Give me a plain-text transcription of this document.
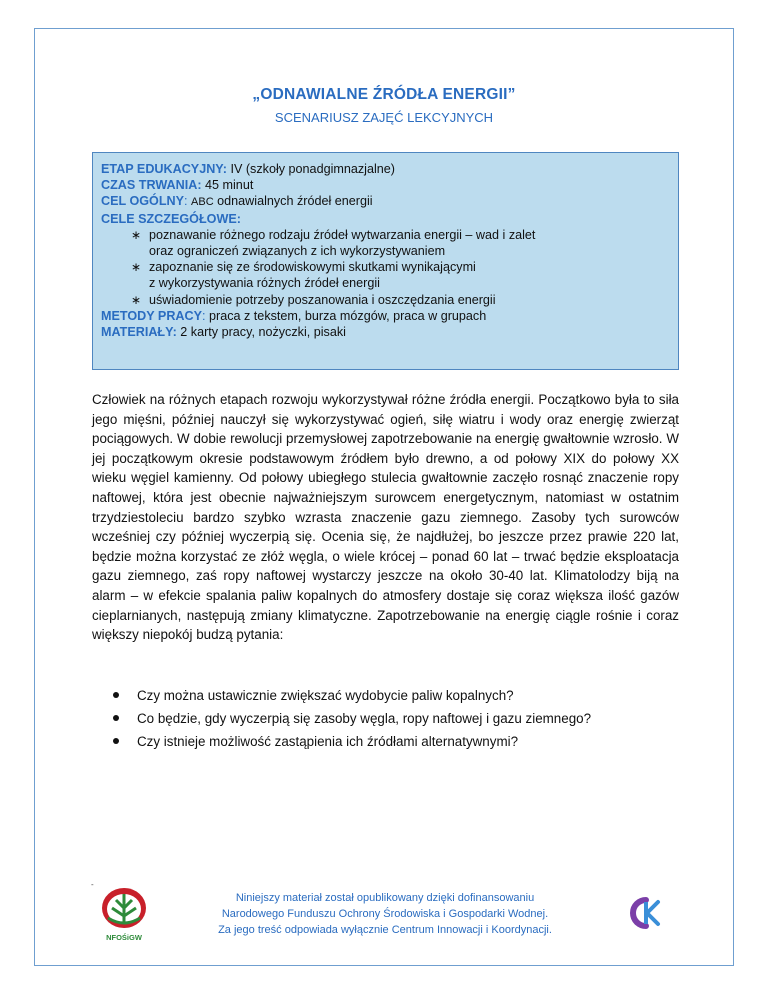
„ODNAWIALNE ŹRÓDŁA ENERGII”
SCENARIUSZ ZAJĘĆ LEKCYJNYCH
ETAP EDUKACYJNY: IV (szkoły ponadgimnazjalne)
CZAS TRWANIA: 45 minut
CEL OGÓLNY: ABC odnawialnych źródeł energii
CELE SZCZEGÓŁOWE:
∗ poznawanie różnego rodzaju źródeł wytwarzania energii – wad i zalet
oraz ograniczeń związanych z ich wykorzystywaniem
∗ zapoznanie się ze środowiskowymi skutkami wynikającymi
z wykorzystywania różnych źródeł energii
∗ uświadomienie potrzeby poszanowania i oszczędzania energii
METODY PRACY: praca z tekstem, burza mózgów, praca w grupach
MATERIAŁY: 2 karty pracy, nożyczki, pisaki

Człowiek na różnych etapach rozwoju wykorzystywał różne źródła energii. Początkowo była to siła jego mięśni, później nauczył się wykorzystywać ogień, siłę wiatru i wody oraz energię zwierząt pociągowych. W dobie rewolucji przemysłowej zapotrzebowanie na energię gwałtownie wzrosło. W jej początkowym okresie podstawowym źródłem było drewno, a od połowy XIX do połowy XX wieku węgiel kamienny. Od połowy ubiegłego stulecia gwałtownie zaczęło rosnąć znaczenie ropy naftowej, która jest obecnie najważniejszym surowcem energetycznym, natomiast w ostatnim trzydziestoleciu bardzo szybko wzrasta znaczenie gazu ziemnego. Zasoby tych surowców wcześniej czy później wyczerpią się. Ocenia się, że najdłużej, bo jeszcze przez prawie 220 lat, będzie można korzystać ze złóż węgla, o wiele krócej – ponad 60 lat – trwać będzie eksploatacja gazu ziemnego, zaś ropy naftowej wystarczy jeszcze na około 30-40 lat. Klimatolodzy biją na alarm – w efekcie spalania paliw kopalnych do atmosfery dostaje się coraz większa ilość gazów cieplarnianych, następują zmiany klimatyczne. Zapotrzebowanie na energię ciągle rośnie i coraz większy niepokój budzą pytania:

Czy można ustawicznie zwiększać wydobycie paliw kopalnych?
Co będzie, gdy wyczerpią się zasoby węgla, ropy naftowej i gazu ziemnego?
Czy istnieje możliwość zastąpienia ich źródłami alternatywnymi?
-
NFOŚiGW
Niniejszy materiał został opublikowany dzięki dofinansowaniu
Narodowego Funduszu Ochrony Środowiska i Gospodarki Wodnej.
Za jego treść odpowiada wyłącznie Centrum Innowacji i Koordynacji.
